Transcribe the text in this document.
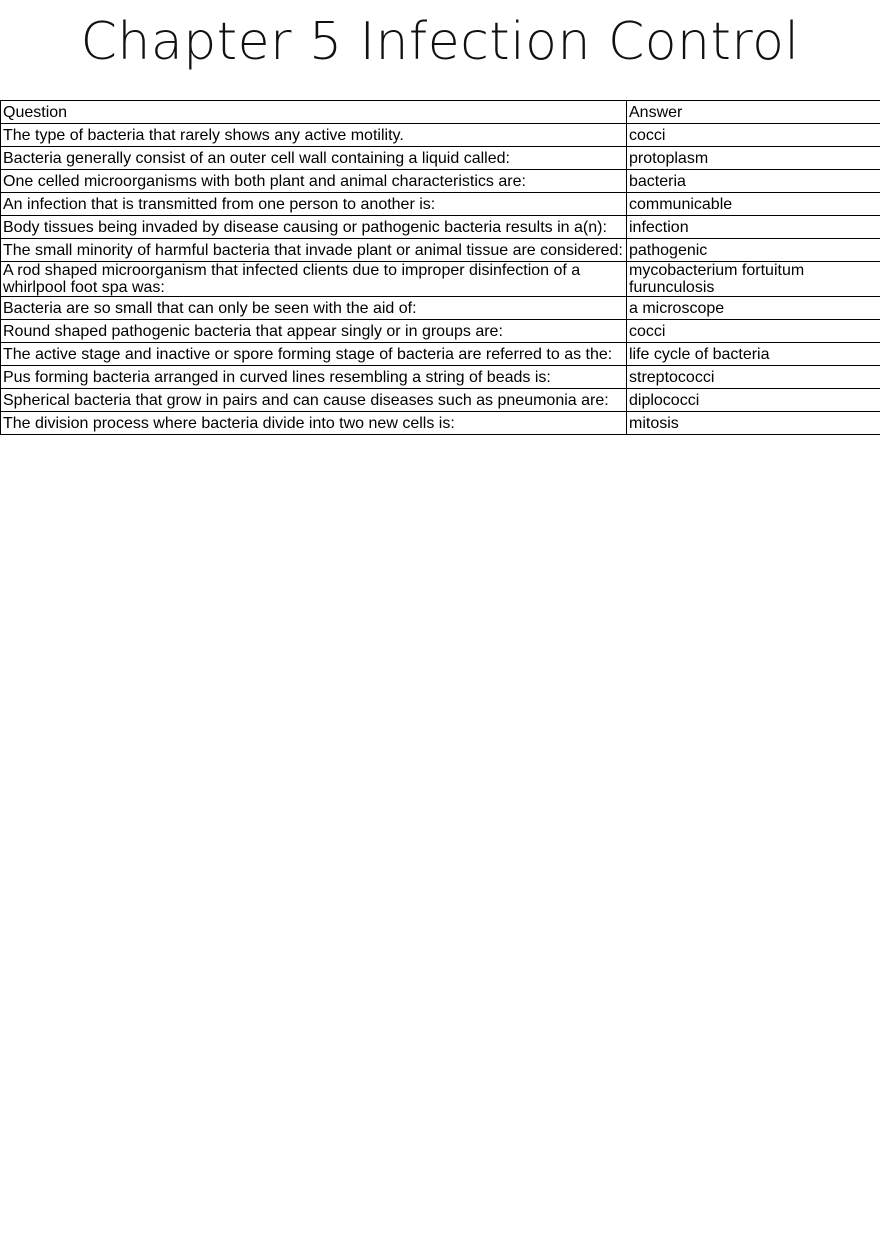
Chapter 5 Infection Control
Question	Answer
The type of bacteria that rarely shows any active motility.	cocci
Bacteria generally consist of an outer cell wall containing a liquid called:	protoplasm
One celled microorganisms with both plant and animal characteristics are:	bacteria
An infection that is transmitted from one person to another is:	communicable
Body tissues being invaded by disease causing or pathogenic bacteria results in a(n):	infection
The small minority of harmful bacteria that invade plant or animal tissue are considered:	pathogenic
A rod shaped microorganism that infected clients due to improper disinfection of a whirlpool foot spa was:	mycobacterium fortuitum furunculosis
Bacteria are so small that can only be seen with the aid of:	a microscope
Round shaped pathogenic bacteria that appear singly or in groups are:	cocci
The active stage and inactive or spore forming stage of bacteria are referred to as the:	life cycle of bacteria
Pus forming bacteria arranged in curved lines resembling a string of beads is:	streptococci
Spherical bacteria that grow in pairs and can cause diseases such as pneumonia are:	diplococci
The division process where bacteria divide into two new cells is:	mitosis
